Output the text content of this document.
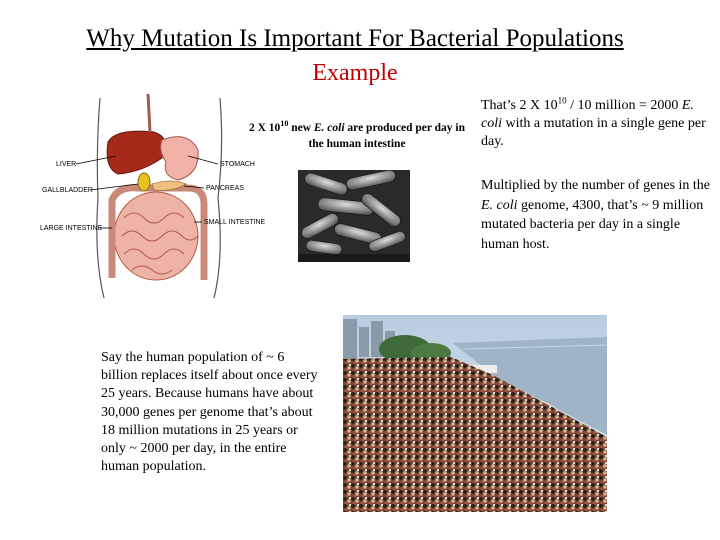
Why Mutation Is Important For Bacterial Populations
Example
LIVER
GALLBLADDER
LARGE INTESTINE
STOMACH
PANCREAS
SMALL INTESTINE
2 X $10^{10}$ new E. coli are produced per day in the human intestine
That’s 2 X $10^{10} / 10$ million = 2000 E. coli with a mutation in a single gene per day.
Multiplied by the number of genes in the E. coli genome, 4300, that’s ~ 9 million mutated bacteria per day in a single human host.
Say the human population of ~ 6 billion replaces itself about once every 25 years. Because humans have about 30,000 genes per genome that’s about 18 million mutations in 25 years or only ~ 2000 per day, in the entire human population.
